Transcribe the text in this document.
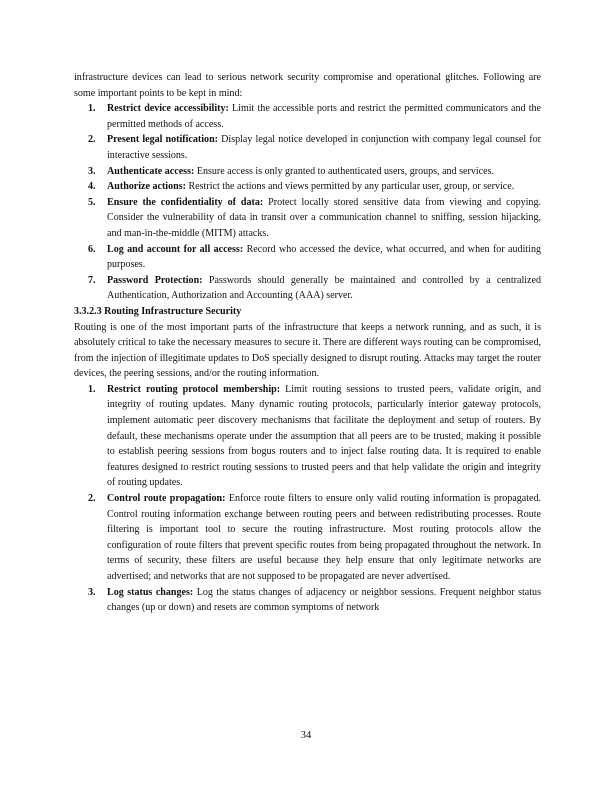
infrastructure devices can lead to serious network security compromise and operational glitches. Following are some important points to be kept in mind:

1. Restrict device accessibility: Limit the accessible ports and restrict the permitted communicators and the permitted methods of access.
2. Present legal notification: Display legal notice developed in conjunction with company legal counsel for interactive sessions.
3. Authenticate access: Ensure access is only granted to authenticated users, groups, and services.
4. Authorize actions: Restrict the actions and views permitted by any particular user, group, or service.
5. Ensure the confidentiality of data: Protect locally stored sensitive data from viewing and copying. Consider the vulnerability of data in transit over a communication channel to sniffing, session hijacking, and man-in-the-middle (MITM) attacks.
6. Log and account for all access: Record who accessed the device, what occurred, and when for auditing purposes.
7. Password Protection: Passwords should generally be maintained and controlled by a centralized Authentication, Authorization and Accounting (AAA) server.
3.3.2.3 Routing Infrastructure Security

Routing is one of the most important parts of the infrastructure that keeps a network running, and as such, it is absolutely critical to take the necessary measures to secure it. There are different ways routing can be compromised, from the injection of illegitimate updates to DoS specially designed to disrupt routing. Attacks may target the router devices, the peering sessions, and/or the routing information.

1. Restrict routing protocol membership: Limit routing sessions to trusted peers, validate origin, and integrity of routing updates. Many dynamic routing protocols, particularly interior gateway protocols, implement automatic peer discovery mechanisms that facilitate the deployment and setup of routers. By default, these mechanisms operate under the assumption that all peers are to be trusted, making it possible to establish peering sessions from bogus routers and to inject false routing data. It is required to enable features designed to restrict routing sessions to trusted peers and that help validate the origin and integrity of routing updates.
2. Control route propagation: Enforce route filters to ensure only valid routing information is propagated. Control routing information exchange between routing peers and between redistributing processes. Route filtering is important tool to secure the routing infrastructure. Most routing protocols allow the configuration of route filters that prevent specific routes from being propagated throughout the network. In terms of security, these filters are useful because they help ensure that only legitimate networks are advertised; and networks that are not supposed to be propagated are never advertised.
3. Log status changes: Log the status changes of adjacency or neighbor sessions. Frequent neighbor status changes (up or down) and resets are common symptoms of network
34
